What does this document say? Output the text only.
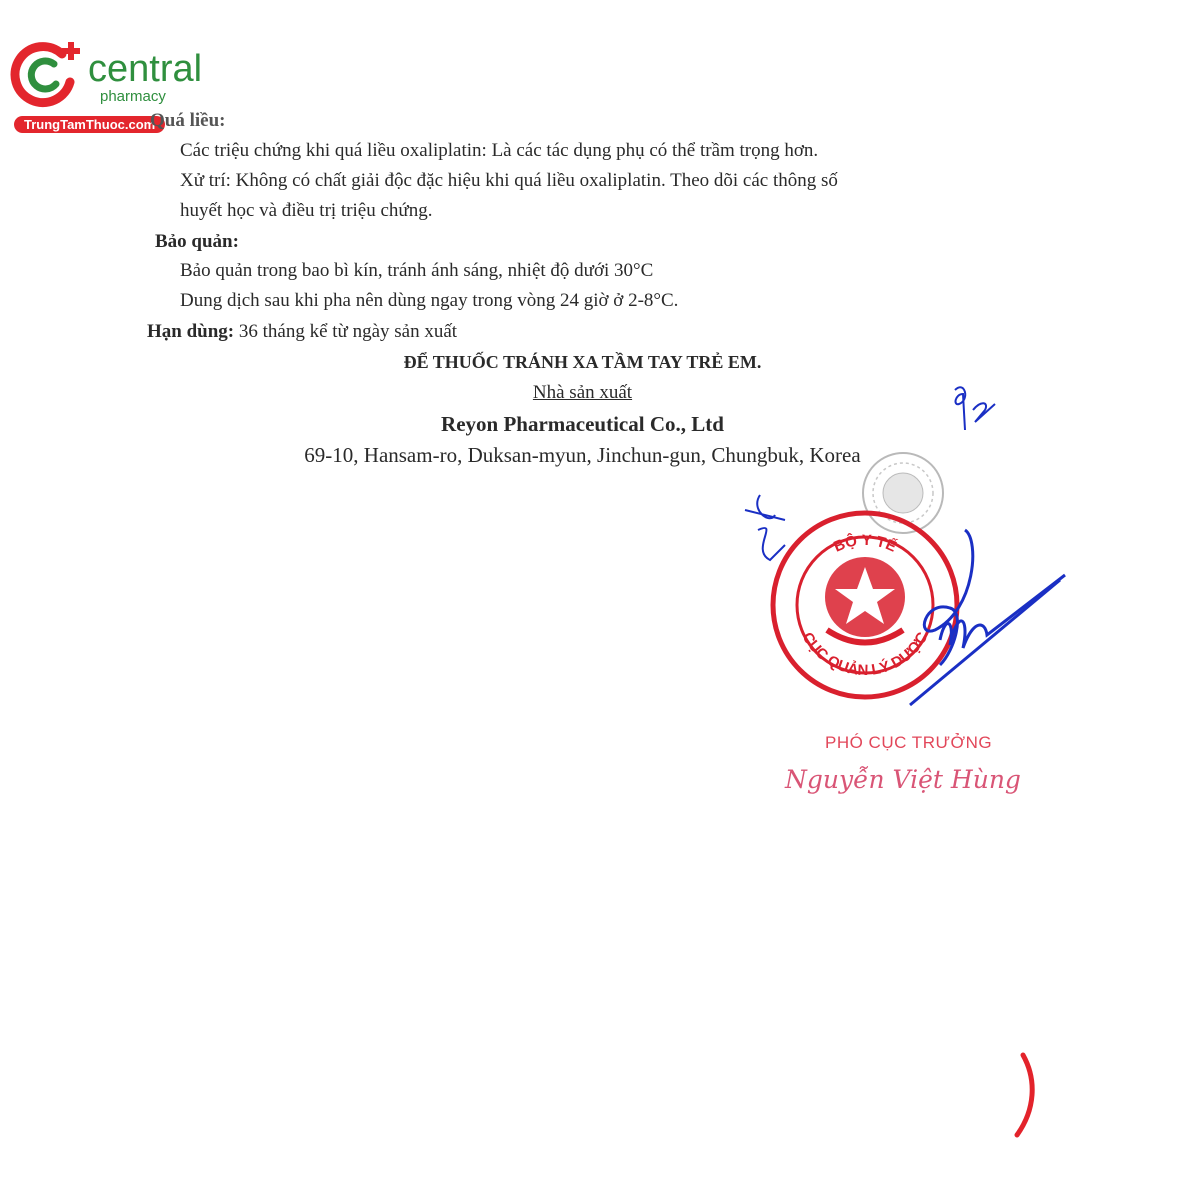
central
pharmacy
TrungTamThuoc.com
Quá liều:
Các triệu chứng khi quá liều oxaliplatin: Là các tác dụng phụ có thể trầm trọng hơn.
Xử trí: Không có chất giải độc đặc hiệu khi quá liều oxaliplatin. Theo dõi các thông số
huyết học và điều trị triệu chứng.
Bảo quản:
Bảo quản trong bao bì kín, tránh ánh sáng, nhiệt độ dưới 30°C
Dung dịch sau khi pha nên dùng ngay trong vòng 24 giờ ở 2-8°C.
Hạn dùng: 36 tháng kể từ ngày sản xuất
ĐỂ THUỐC TRÁNH XA TẦM TAY TRẺ EM.
Nhà sản xuất
Reyon Pharmaceutical Co., Ltd
69-10, Hansam-ro, Duksan-myun, Jinchun-gun, Chungbuk, Korea
BỘ Y TẾ
CỤC QUẢN LÝ DƯỢC
PHÓ CỤC TRƯỞNG
Nguyễn Việt Hùng
